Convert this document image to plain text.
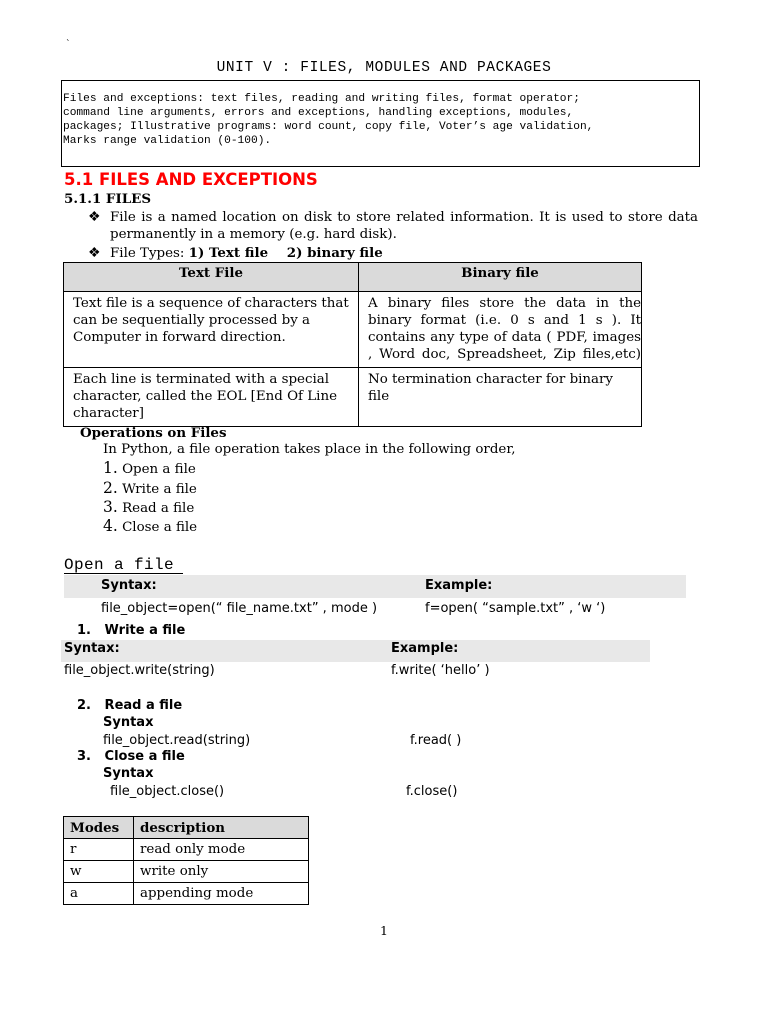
`
UNIT V : FILES, MODULES AND PACKAGES
Files and exceptions: text files, reading and writing files, format operator;
command line arguments, errors and exceptions, handling exceptions, modules,
packages; Illustrative programs: word count, copy file, Voter’s age validation,
Marks range validation (0-100).
5.1 FILES AND EXCEPTIONS
5.1.1 FILES
❖ File is a named location on disk to store related information. It is used to store data permanently in a memory (e.g. hard disk).
❖ File Types: 1) Text file    2) binary file
Text File	Binary file

Text file is a sequence of characters that can be sequentially processed by a Computer in forward direction.	A binary files store the data in the binary format (i.e. 0 s and 1 s ). It contains any type of data ( PDF, images , Word doc, Spreadsheet, Zip files,etc)

Each line is terminated with a special character, called the EOL [End Of Line character]	No termination character for binary file
Operations on Files
In Python, a file operation takes place in the following order,
1. Open a file
2. Write a file
3. Read a file
4. Close a file
Open a file
Syntax:	Example:
file_object=open(“ file_name.txt” , mode )	f=open( “sample.txt” , ‘w ‘)
1.   Write a file
Syntax:	Example:
file_object.write(string)	f.write( ‘hello’ )
2.   Read a file
Syntax
file_object.read(string)	f.read( )
3.   Close a file
Syntax
file_object.close()	f.close()
Modes	description
r	read only mode
w	write only
a	appending mode
1
